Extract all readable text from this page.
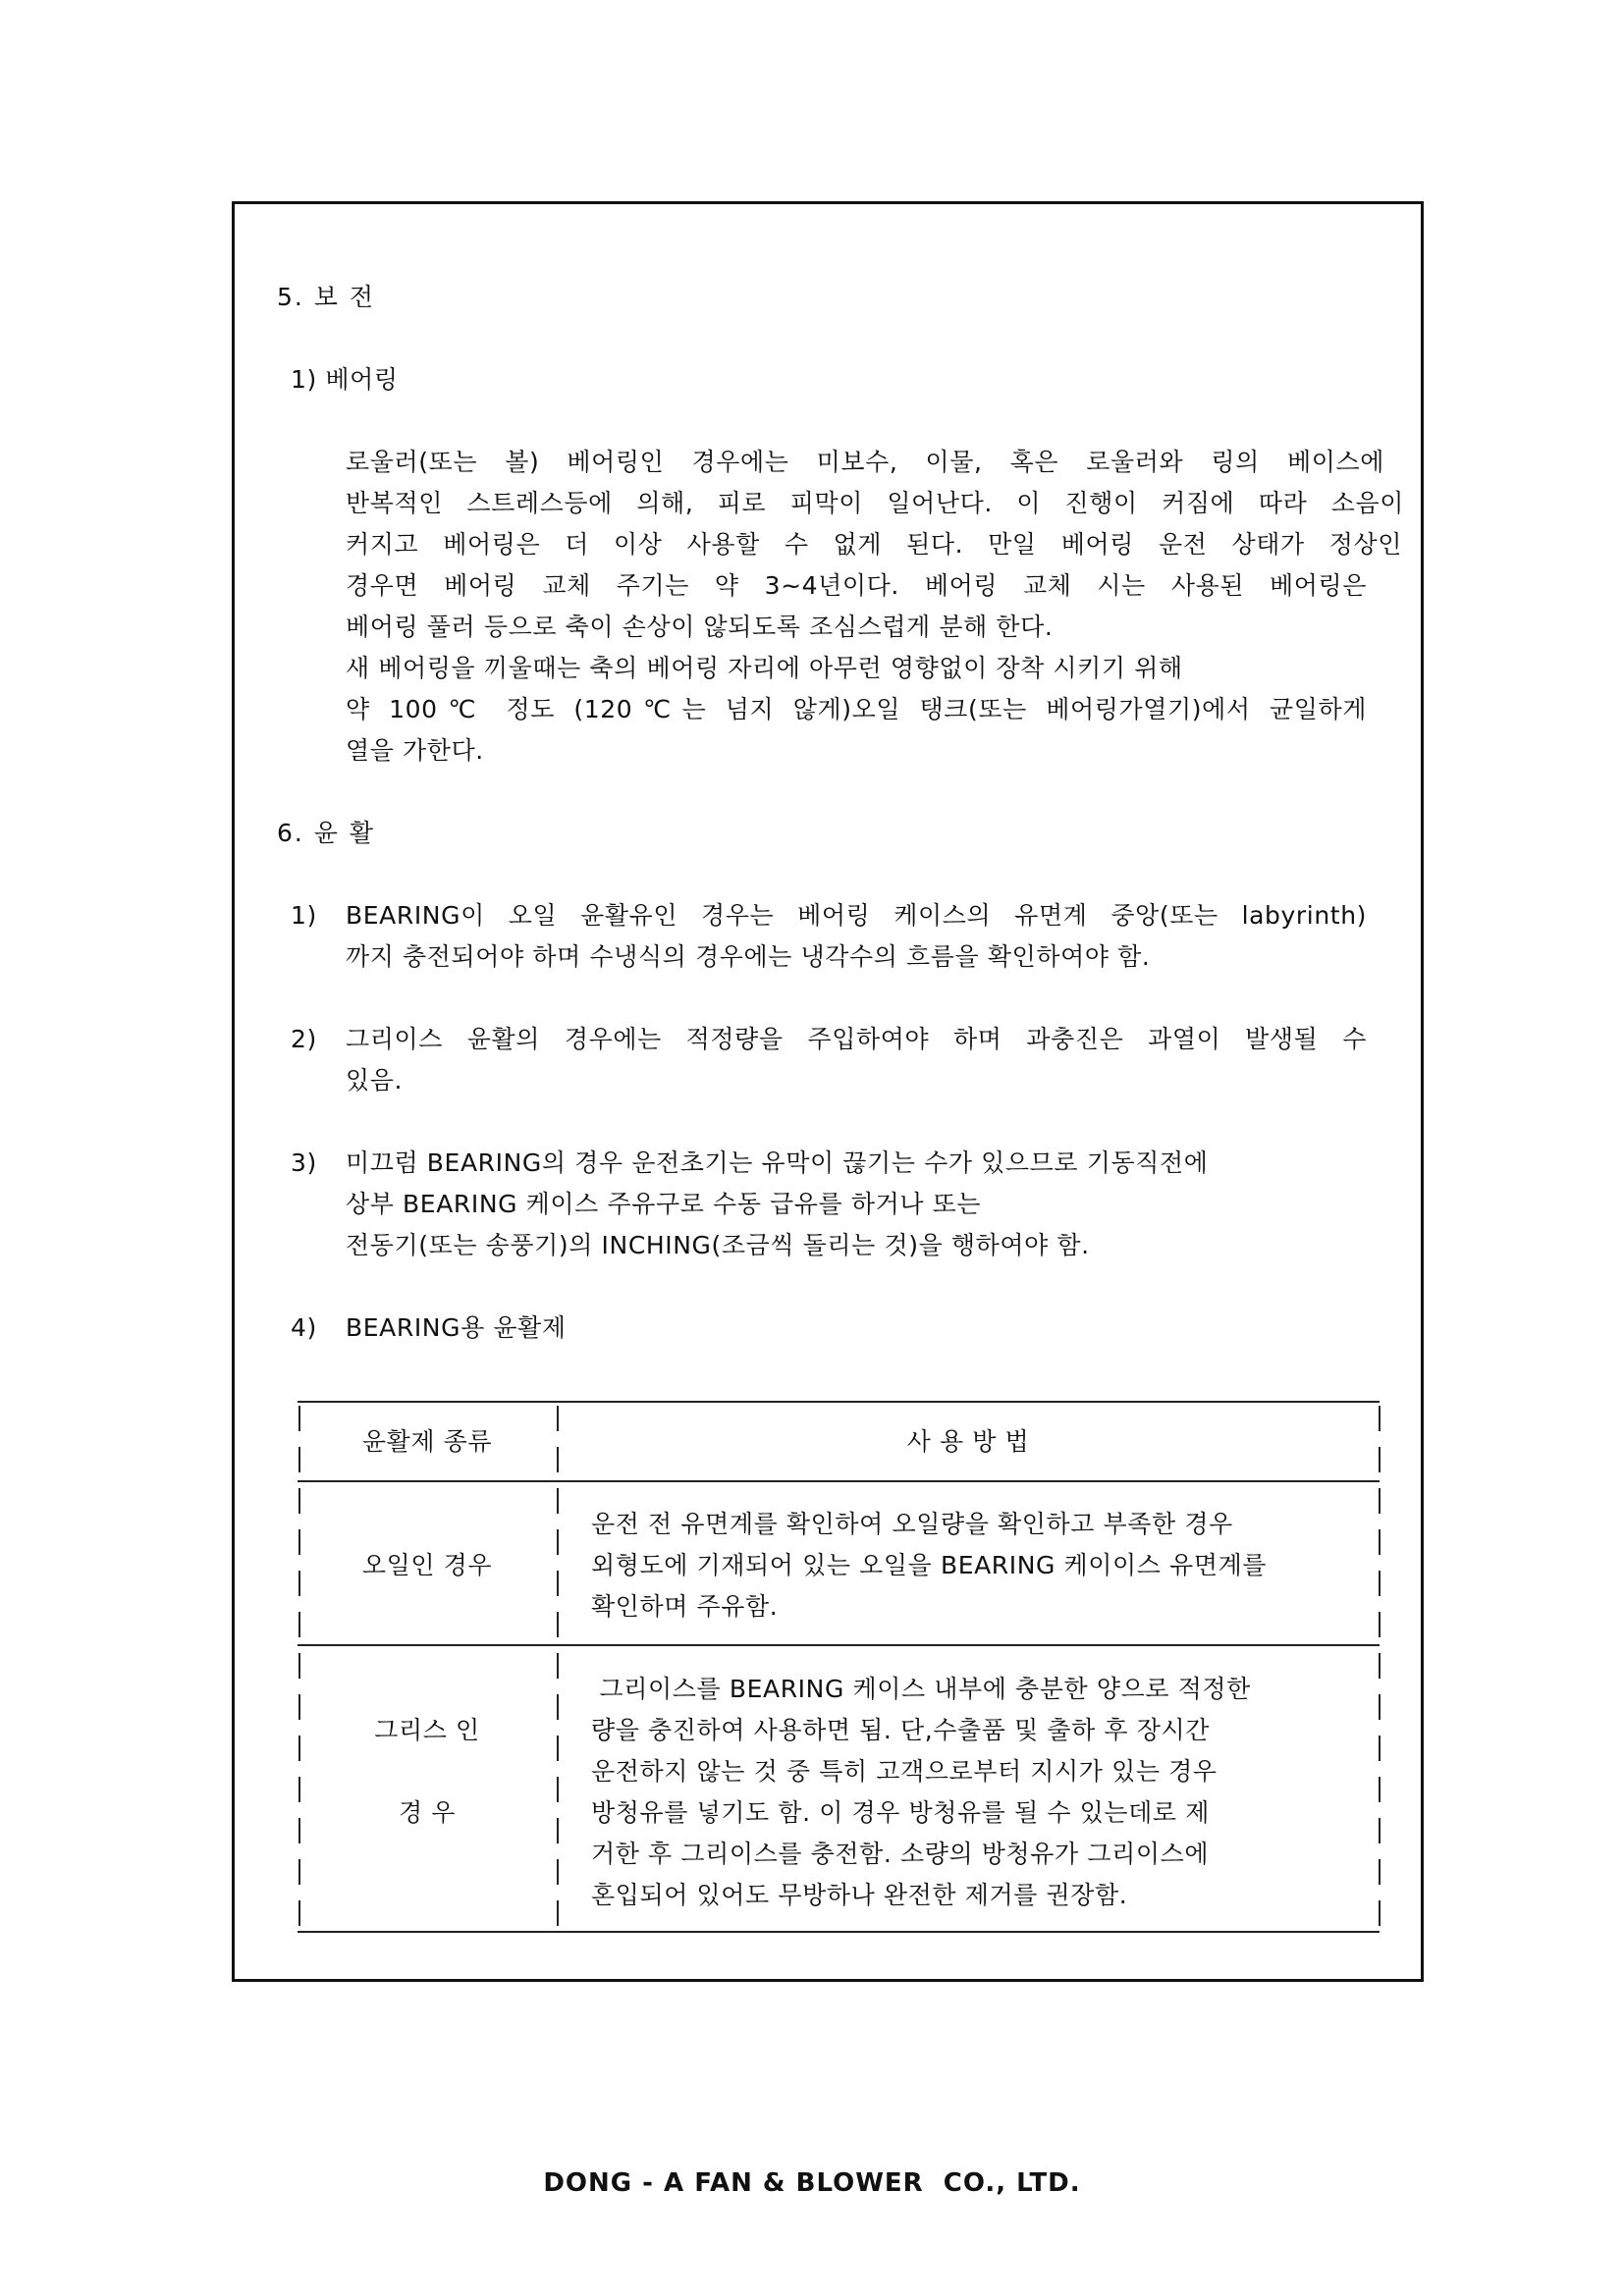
5. 보 전
1) 베어링
로울러(또는 볼) 베어링인 경우에는 미보수, 이물, 혹은 로울러와 링의 베이스에
반복적인 스트레스등에 의해, 피로 피막이 일어난다. 이 진행이 커짐에 따라 소음이
커지고 베어링은 더 이상 사용할 수 없게 된다. 만일 베어링 운전 상태가 정상인
경우면 베어링 교체 주기는 약 3~4년이다. 베어링 교체 시는 사용된 베어링은
베어링 풀러 등으로 축이 손상이 않되도록 조심스럽게 분해 한다.
새 베어링을 끼울때는 축의 베어링 자리에 아무런 영향없이 장착 시키기 위해
약 100℃ 정도 (120℃는 넘지 않게)오일 탱크(또는 베어링가열기)에서 균일하게
열을 가한다.
6. 윤 활
1) BEARING이 오일 윤활유인 경우는 베어링 케이스의 유면계 중앙(또는 labyrinth)
까지 충전되어야 하며 수냉식의 경우에는 냉각수의 흐름을 확인하여야 함.
2) 그리이스 윤활의 경우에는 적정량을 주입하여야 하며 과충진은 과열이 발생될 수
있음.
3) 미끄럼 BEARING의 경우 운전초기는 유막이 끊기는 수가 있으므로 기동직전에
상부 BEARING 케이스 주유구로 수동 급유를 하거나 또는
전동기(또는 송풍기)의 INCHING(조금씩 돌리는 것)을 행하여야 함.
4) BEARING용 윤활제
윤활제 종류	사 용 방 법
오일인 경우
운전 전 유면계를 확인하여 오일량을 확인하고 부족한 경우
외형도에 기재되어 있는 오일을 BEARING 케이이스 유면계를
확인하며 주유함.
그리스 인
경 우
그리이스를 BEARING 케이스 내부에 충분한 양으로 적정한
량을 충진하여 사용하면 됨. 단,수출품 및 출하 후 장시간
운전하지 않는 것 중 특히 고객으로부터 지시가 있는 경우
방청유를 넣기도 함. 이 경우 방청유를 될 수 있는데로 제
거한 후 그리이스를 충전함. 소량의 방청유가 그리이스에
혼입되어 있어도 무방하나 완전한 제거를 권장함.
DONG - A FAN & BLOWER  CO., LTD.
